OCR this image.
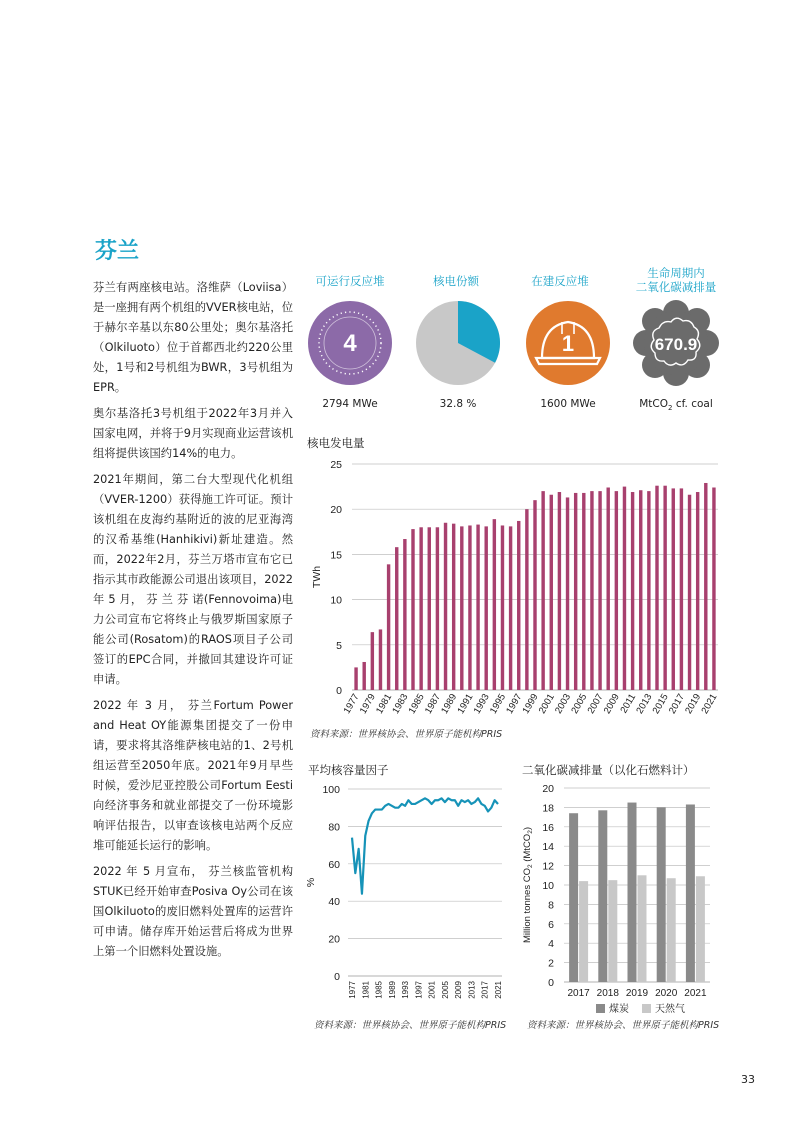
芬兰

芬兰有两座核电站。洛维萨（Loviisa）是一座拥有两个机组的VVER核电站，位于赫尔辛基以东80公里处；奥尔基洛托（Olkiluoto）位于首都西北约220公里处，1号和2号机组为BWR，3号机组为EPR。

奥尔基洛托3号机组于2022年3月并入国家电网，并将于9月实现商业运营该机组将提供该国约14%的电力。

2021年期间，第二台大型现代化机组（VVER-1200）获得施工许可证。预计该机组在皮海约基附近的波的尼亚海湾的汉希基维(Hanhikivi)新址建造。然而，2022年2月，芬兰万塔市宣布它已指示其市政能源公司退出该项目，2022 年 5 月， 芬 兰 芬 诺(Fennovoima)电力公司宣布它将终止与俄罗斯国家原子能公司(Rosatom)的RAOS项目子公司签订的EPC合同，并撤回其建设许可证申请。

2022 年 3 月， 芬兰Fortum Power and Heat OY能源集团提交了一份申请，要求将其洛维萨核电站的1、2号机组运营至2050年底。2021年9月早些时候，爱沙尼亚控股公司Fortum Eesti向经济事务和就业部提交了一份环境影响评估报告，以审查该核电站两个反应堆可能延长运行的影响。

2022 年 5 月宣布， 芬兰核监管机构STUK已经开始审查Posiva Oy公司在该国Olkiluoto的废旧燃料处置库的运营许可申请。储存库开始运营后将成为世界上第一个旧燃料处置设施。

可运行反应堆	核电份额	在建反应堆
生命周期内
二氧化碳减排量
4	1	670.9
2794 MWe	32.8 %	1600 MWe	MtCO$_2$ cf. coal
核电发电量
0
5
10
15
20
25
TWh
1977
1979
1981
1983
1985
1987
1989
1991
1993
1995
1997
1999
2001
2003
2005
2007
2009
2011
2013
2015
2017
2019
2021
资料来源：世界核协会、世界原子能机构PRIS
平均核容量因子
0
20
40
60
80
100
%
1977 1981 1985 1989 1993 1997 2001 2005 2009 2013 2017 2021
资料来源：世界核协会、世界原子能机构PRIS
二氧化碳减排量（以化石燃料计）
0
2
4
6
8
10
12
14
16
18
20
Million tonnes $CO_2$ (MtCO$_2$)
2017 2018 2019 2020 2021
煤炭	天然气
资料来源：世界核协会、世界原子能机构PRIS
33
